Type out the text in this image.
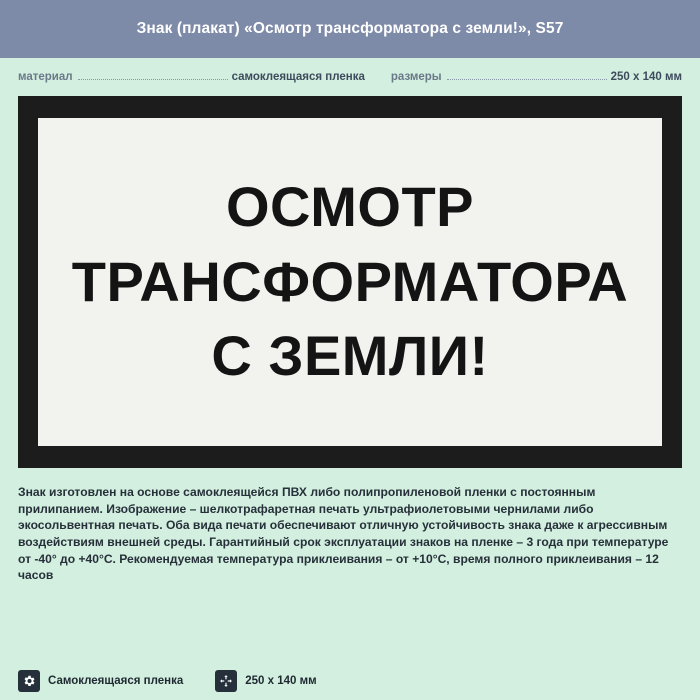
Знак (плакат) «Осмотр трансформатора с земли!», S57
материал	самоклеящаяся пленка размеры	250 x 140 мм
ОСМОТР
ТРАНСФОРМАТОРА
С ЗЕМЛИ!
Знак изготовлен на основе самоклеящейся ПВХ либо полипропиленовой пленки с постоянным прилипанием. Изображение – шелкотрафаретная печать ультрафиолетовыми чернилами либо экосольвентная печать. Оба вида печати обеспечивают отличную устойчивость знака даже к агрессивным воздействиям внешней среды. Гарантийный срок эксплуатации знаков на пленке – 3 года при температуре от -40° до +40°C. Рекомендуемая температура приклеивания – от +10°C, время полного приклеивания – 12 часов
Самоклеящаяся пленка	250 x 140 мм
